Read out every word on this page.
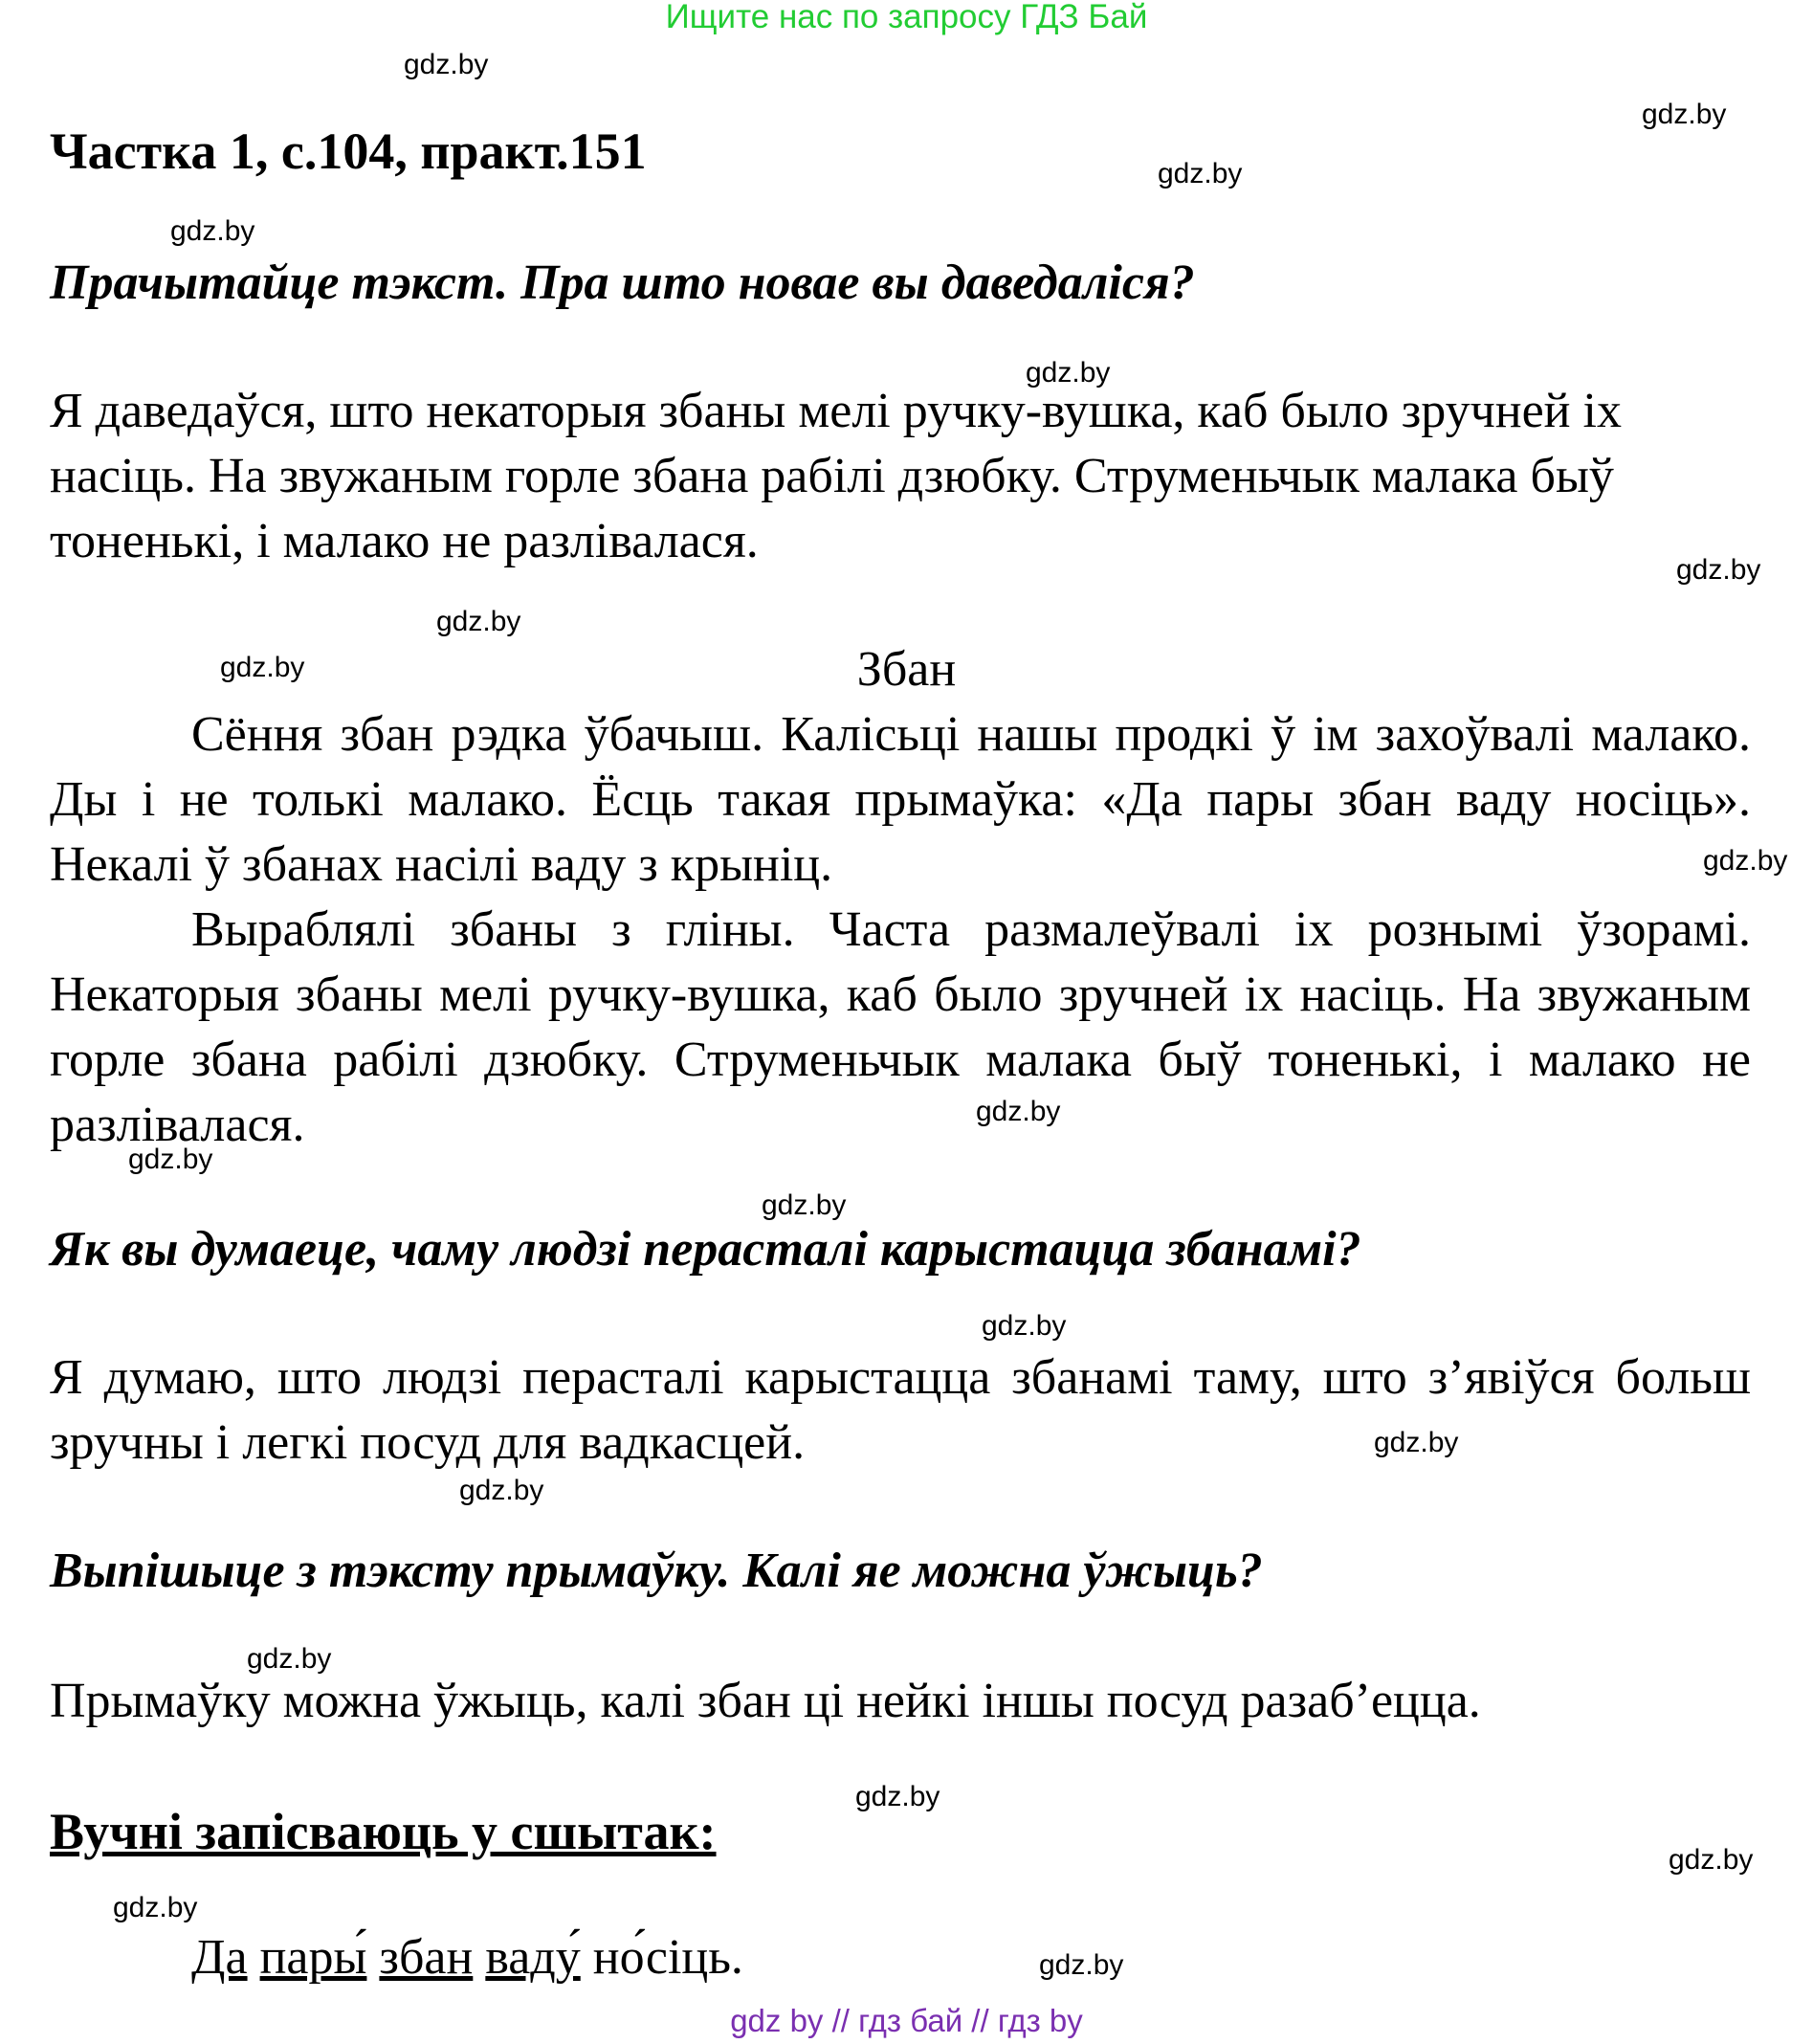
Ищите нас по запросу ГДЗ Бай
Частка 1, с.104, практ.151
Прачытайце тэкст. Пра што новае вы даведаліся?
Я даведаўся, што некаторыя збаны мелі ручку-вушка, каб было зручней іх насіць. На звужаным горле збана рабілі дзюбку. Струменьчык малака быў тоненькі, і малако не разлівалася.
Збан
Сёння збан рэдка ўбачыш. Калісьці нашы продкі ў ім захоўвалі малако. Ды і не толькі малако. Ёсць такая прымаўка: «Да пары збан ваду носіць». Некалі ў збанах насілі ваду з крыніц.
Выраблялі збаны з гліны. Часта размалеўвалі іх рознымі ўзорамі. Некаторыя збаны мелі ручку-вушка, каб было зручней іх насіць. На звужаным горле збана рабілі дзюбку. Струменьчык малака быў тоненькі, і малако не разлівалася.
Як вы думаеце, чаму людзі перасталі карыстацца збанамі?
Я думаю, што людзі перасталі карыстацца збанамі таму, што з’явіўся больш зручны і легкі посуд для вадкасцей.
Выпішыце з тэксту прымаўку. Калі яе можна ўжыць?
Прымаўку можна ўжыць, калі збан ці нейкі іншы посуд разаб’ецца.
Вучні запісваюць у сшытак:
Да пары́ збан ваду́ но́сіць.
gdz.by
gdz.by
gdz.by
gdz.by
gdz.by
gdz.by
gdz.by
gdz.by
gdz.by
gdz.by
gdz.by
gdz.by
gdz.by
gdz.by
gdz.by
gdz.by
gdz.by
gdz.by
gdz.by
gdz.by
gdz by // гдз бай // гдз by
